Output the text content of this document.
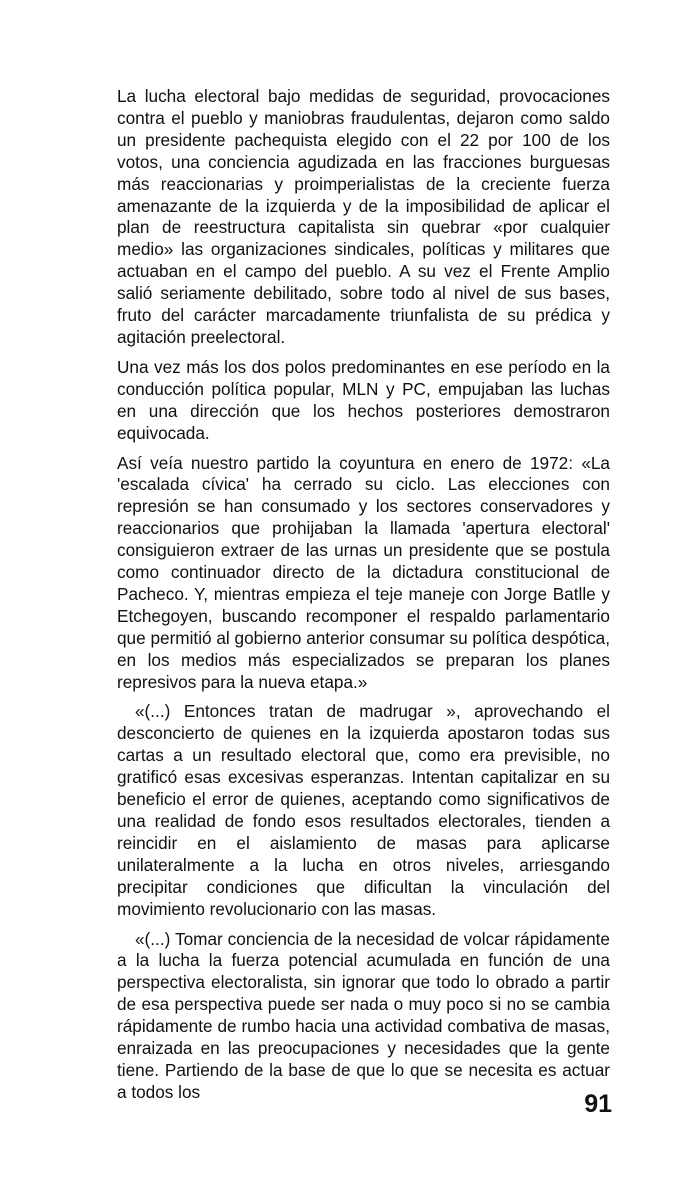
La lucha electoral bajo medidas de seguridad, provocaciones contra el pueblo y maniobras fraudulentas, dejaron como saldo un presidente pachequista elegido con el 22 por 100 de los votos, una conciencia agudizada en las fracciones burguesas más reaccionarias y proimperialistas de la creciente fuerza amenazante de la izquierda y de la imposibilidad de aplicar el plan de reestructura capitalista sin quebrar «por cualquier medio» las organizaciones sindicales, políticas y militares que actuaban en el campo del pueblo. A su vez el Frente Amplio salió seriamente debilitado, sobre todo al nivel de sus bases, fruto del carácter marcadamente triunfalista de su prédica y agitación preelectoral.

Una vez más los dos polos predominantes en ese período en la conducción política popular, MLN y PC, empujaban las luchas en una dirección que los hechos posteriores demostraron equivocada.

Así veía nuestro partido la coyuntura en enero de 1972: «La 'escalada cívica' ha cerrado su ciclo. Las elecciones con represión se han consumado y los sectores conservadores y reaccionarios que prohijaban la llamada 'apertura electoral' consiguieron extraer de las urnas un presidente que se postula como continuador directo de la dictadura constitucional de Pacheco. Y, mientras empieza el teje maneje con Jorge Batlle y Etchegoyen, buscando recomponer el respaldo parlamentario que permitió al gobierno anterior consumar su política despótica, en los medios más especializados se preparan los planes represivos para la nueva etapa.»

«(...) Entonces tratan de madrugar », aprovechando el desconcierto de quienes en la izquierda apostaron todas sus cartas a un resultado electoral que, como era previsible, no gratificó esas excesivas esperanzas. Intentan capitalizar en su beneficio el error de quienes, aceptando como significativos de una realidad de fondo esos resultados electorales, tienden a reincidir en el aislamiento de masas para aplicarse unilateralmente a la lucha en otros niveles, arriesgando precipitar condiciones que dificultan la vinculación del movimiento revolucionario con las masas.

«(...) Tomar conciencia de la necesidad de volcar rápidamente a la lucha la fuerza potencial acumulada en función de una perspectiva electoralista, sin ignorar que todo lo obrado a partir de esa perspectiva puede ser nada o muy poco si no se cambia rápidamente de rumbo hacia una actividad combativa de masas, enraizada en las preocupaciones y necesidades que la gente tiene. Partiendo de la base de que lo que se necesita es actuar a todos los	91
